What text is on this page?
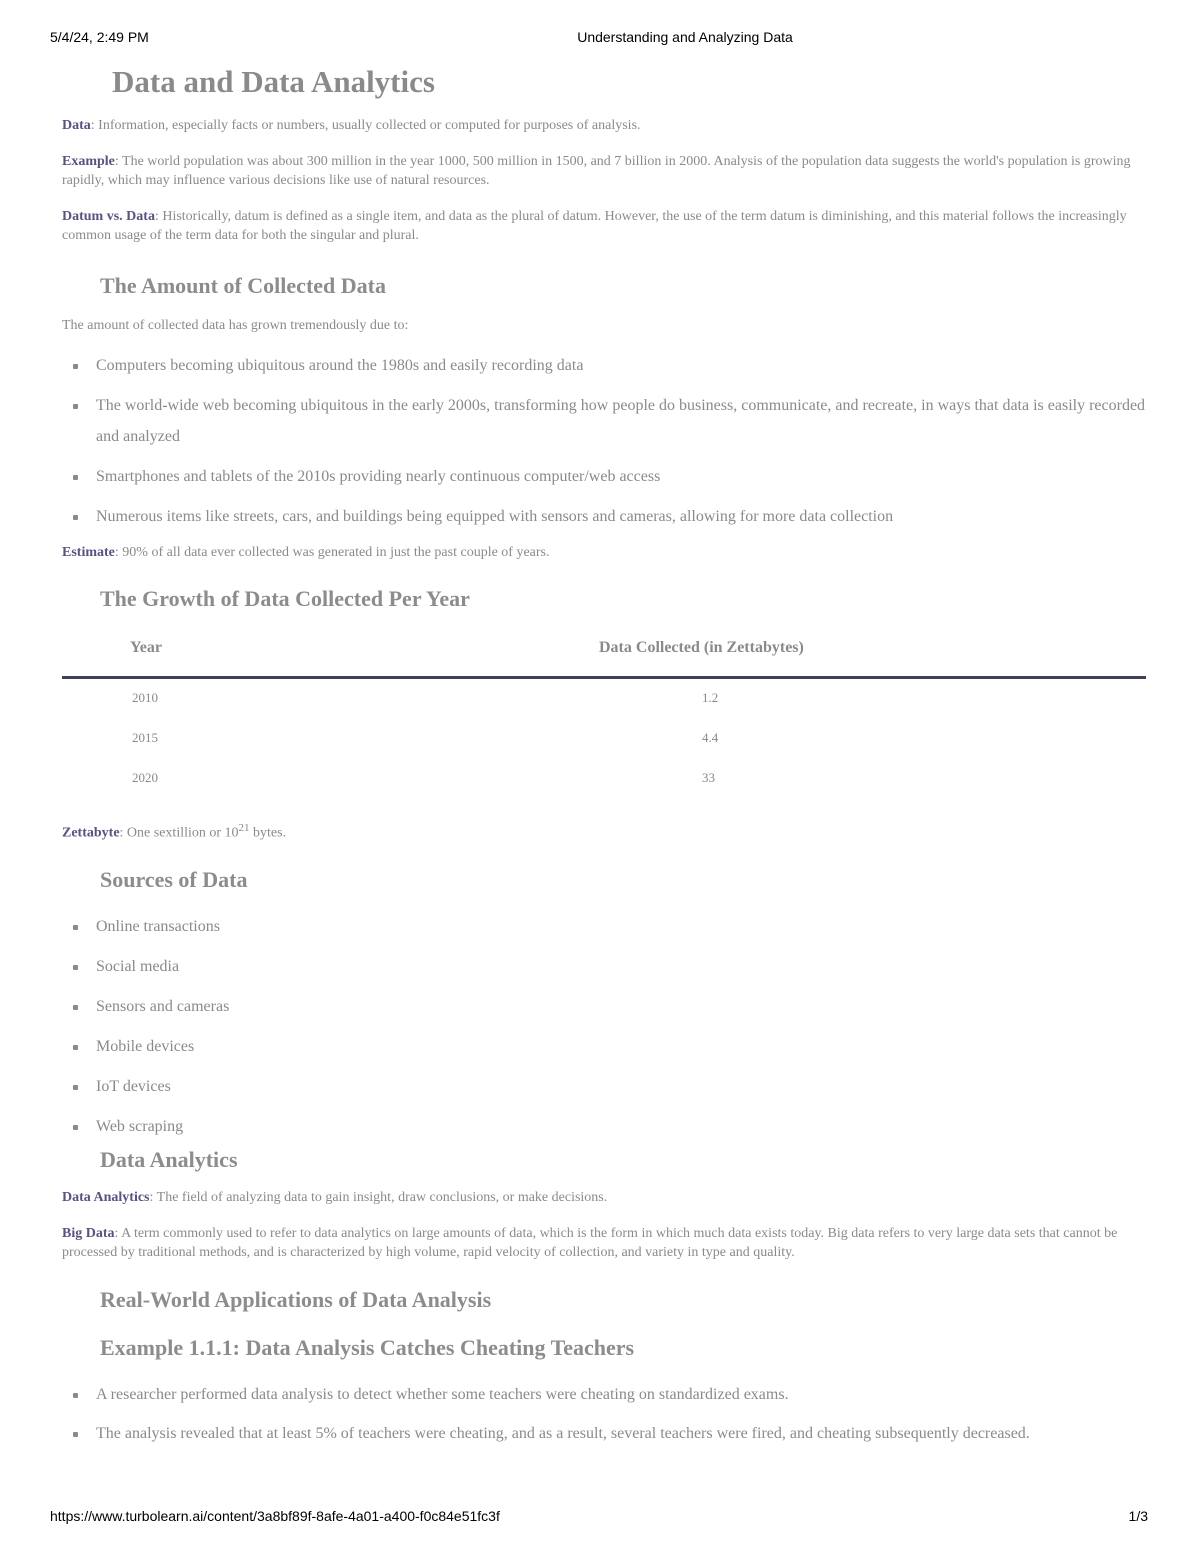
5/4/24, 2:49 PM	Understanding and Analyzing Data
Data and Data Analytics

Data: Information, especially facts or numbers, usually collected or computed for purposes of analysis.

Example: The world population was about 300 million in the year 1000, 500 million in 1500, and 7 billion in 2000. Analysis of the population data suggests the world's population is growing rapidly, which may influence various decisions like use of natural resources.

Datum vs. Data: Historically, datum is defined as a single item, and data as the plural of datum. However, the use of the term datum is diminishing, and this material follows the increasingly common usage of the term data for both the singular and plural.

The Amount of Collected Data

The amount of collected data has grown tremendously due to:

Computers becoming ubiquitous around the 1980s and easily recording data
The world-wide web becoming ubiquitous in the early 2000s, transforming how people do business, communicate, and recreate, in ways that data is easily recorded and analyzed
Smartphones and tablets of the 2010s providing nearly continuous computer/web access
Numerous items like streets, cars, and buildings being equipped with sensors and cameras, allowing for more data collection

Estimate: 90% of all data ever collected was generated in just the past couple of years.

The Growth of Data Collected Per Year
Year	Data Collected (in Zettabytes)
2010	1.2
2015	4.4
2020	33

Zettabyte: One sextillion or $10^{21}$ bytes.

Sources of Data
Online transactions
Social media
Sensors and cameras
Mobile devices
IoT devices
Web scraping
Data Analytics

Data Analytics: The field of analyzing data to gain insight, draw conclusions, or make decisions.

Big Data: A term commonly used to refer to data analytics on large amounts of data, which is the form in which much data exists today. Big data refers to very large data sets that cannot be processed by traditional methods, and is characterized by high volume, rapid velocity of collection, and variety in type and quality.

Real-World Applications of Data Analysis
Example 1.1.1: Data Analysis Catches Cheating Teachers
A researcher performed data analysis to detect whether some teachers were cheating on standardized exams.
The analysis revealed that at least 5% of teachers were cheating, and as a result, several teachers were fired, and cheating subsequently decreased.
https://www.turbolearn.ai/content/3a8bf89f-8afe-4a01-a400-f0c84e51fc3f	1/3
